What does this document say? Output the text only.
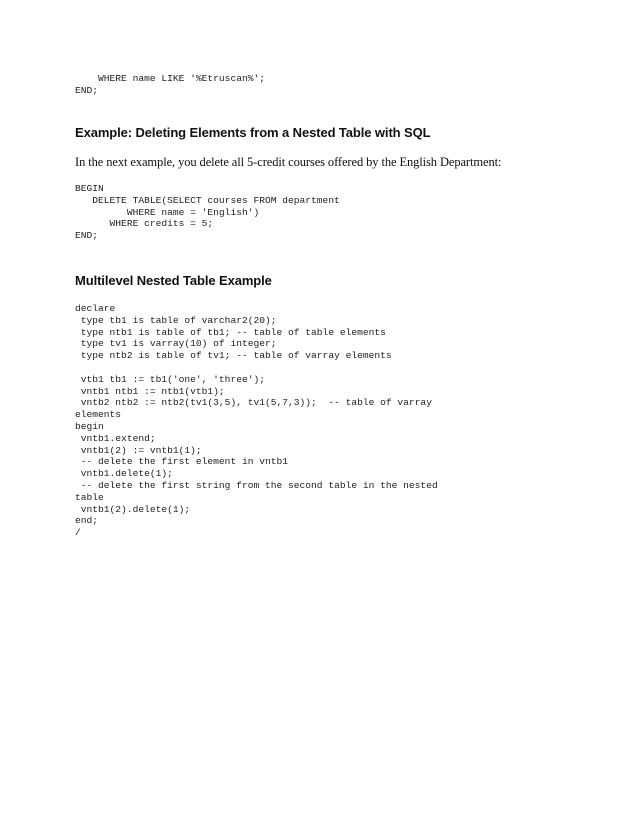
WHERE name LIKE '%Etruscan%';
END;
Example: Deleting Elements from a Nested Table with SQL
In the next example, you delete all 5-credit courses offered by the English Department:
BEGIN
DELETE TABLE(SELECT courses FROM department
WHERE name = 'English')
WHERE credits = 5;
END;
Multilevel Nested Table Example
declare
type tb1 is table of varchar2(20);
type ntb1 is table of tb1; -- table of table elements
type tv1 is varray(10) of integer;
type ntb2 is table of tv1; -- table of varray elements

vtb1 tb1 := tb1('one', 'three');
vntb1 ntb1 := ntb1(vtb1);
vntb2 ntb2 := ntb2(tv1(3,5), tv1(5,7,3));  -- table of varray
elements
begin
vntb1.extend;
vntb1(2) := vntb1(1);
-- delete the first element in vntb1
vntb1.delete(1);
-- delete the first string from the second table in the nested
table
vntb1(2).delete(1);
end;
/
